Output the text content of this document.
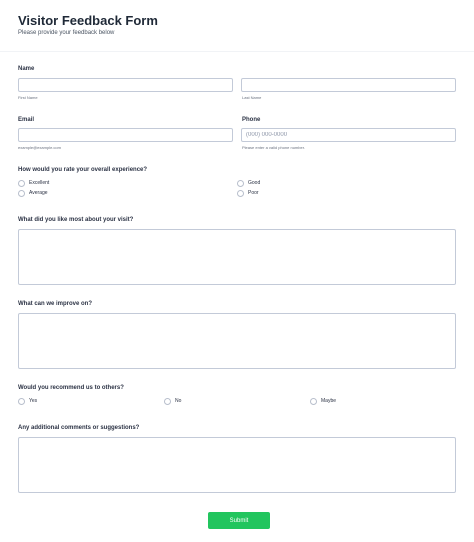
Visitor Feedback Form
Please provide your feedback below
Name
First Name	Last Name
Email
example@example.com
Phone
(000) 000-0000
Please enter a valid phone number.
How would you rate your overall experience?
Excellent	Good
Average	Poor
What did you like most about your visit?
What can we improve on?
Would you recommend us to others?
Yes	No	Maybe
Any additional comments or suggestions?
Submit
